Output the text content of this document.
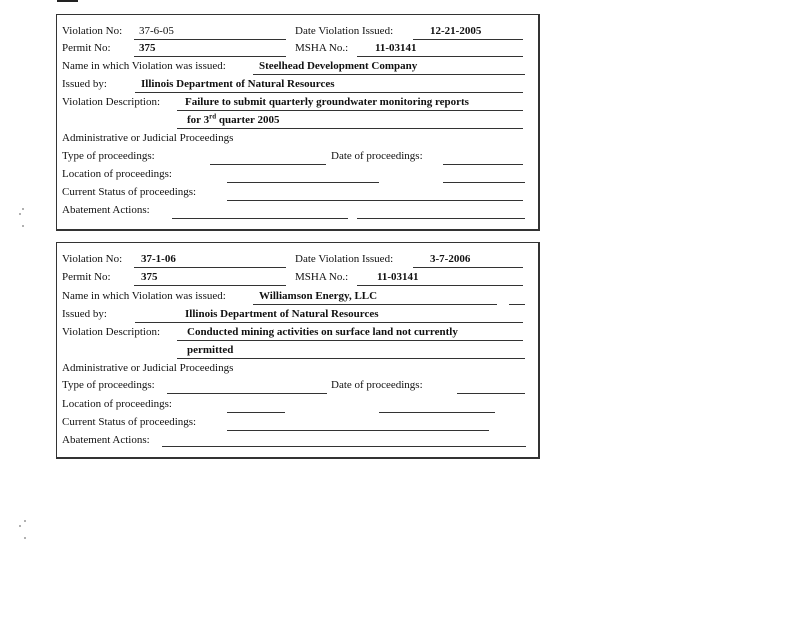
Violation No: 37-6-05	Date Violation Issued:	12-21-2005
Permit No:	375	MSHA No.: 11-03141
Name in which Violation was issued:	Steelhead Development Company
Issued by:	Illinois Department of Natural Resources
Violation Description: Failure to submit quarterly groundwater monitoring reports
for 3rd quarter 2005
Administrative or Judicial Proceedings
Type of proceedings:	Date of proceedings:
Location of proceedings:
Current Status of proceedings:
Abatement Actions:
Violation No: 37-1-06	Date Violation Issued:	3-7-2006
Permit No:	375	MSHA No.:	11-03141
Name in which Violation was issued:	Williamson Energy, LLC
Issued by:	Illinois Department of Natural Resources
Violation Description: Conducted mining activities on surface land not currently
permitted
Administrative or Judicial Proceedings
Type of proceedings:	Date of proceedings:
Location of proceedings:
Current Status of proceedings:
Abatement Actions:
